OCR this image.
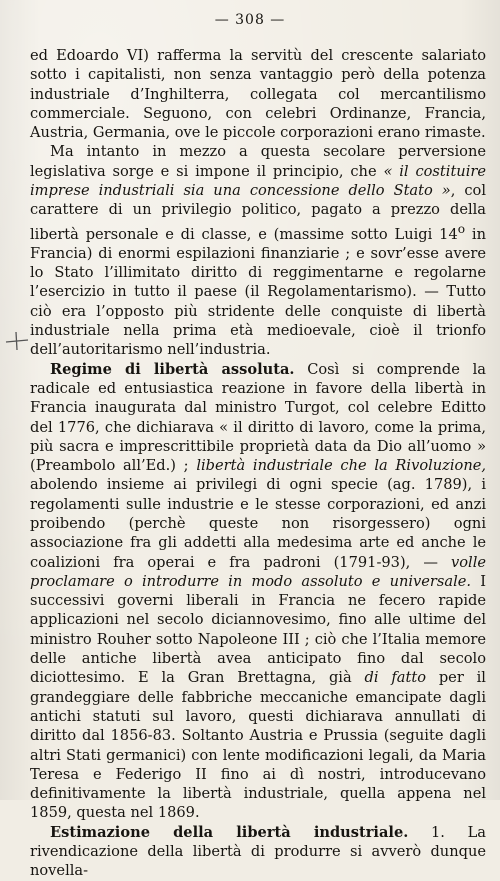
— 308 —

ed Edoardo VI) rafferma la servitù del crescente salariato sotto i capitalisti, non senza vantaggio però della potenza industriale d’Inghilterra, collegata col mercantilismo commerciale. Seguono, con celebri Ordinanze, Francia, Austria, Germania, ove le piccole corporazioni erano rimaste.

Ma intanto in mezzo a questa secolare perversione legislativa sorge e si impone il principio, che « il costituire imprese industriali sia una concessione dello Stato », col carattere di un privilegio politico, pagato a prezzo della libertà personale e di classe, e (massime sotto Luigi 14$^o$ in Francia) di enormi espilazioni finanziarie ; e sovr’esse avere lo Stato l’illimitato diritto di reggimentarne e regolarne l’esercizio in tutto il paese (il Regolamentarismo). — Tutto ciò era l’opposto più stridente delle conquiste di libertà industriale nella prima età medioevale, cioè il trionfo dell’autoritarismo nell’industria.

Regime di libertà assoluta. Così si comprende la radicale ed entusiastica reazione in favore della libertà in Francia inaugurata dal ministro Turgot, col celebre Editto del 1776, che dichiarava « il diritto di lavoro, come la prima, più sacra e imprescrittibile proprietà data da Dio all’uomo » (Preambolo all’Ed.) ; libertà industriale che la Rivoluzione, abolendo insieme ai privilegi di ogni specie (ag. 1789), i regolamenti sulle industrie e le stesse corporazioni, ed anzi proibendo (perchè queste non risorgessero) ogni associazione fra gli addetti alla medesima arte ed anche le coalizioni fra operai e fra padroni (1791-93), — volle proclamare o introdurre in modo assoluto e universale. I successivi governi liberali in Francia ne fecero rapide applicazioni nel secolo diciannovesimo, fino alle ultime del ministro Rouher sotto Napoleone III ; ciò che l’Italia memore delle antiche libertà avea anticipato fino dal secolo diciottesimo. E la Gran Brettagna, già di fatto per il grandeggiare delle fabbriche meccaniche emancipate dagli antichi statuti sul lavoro, questi dichiarava annullati di diritto dal 1856-83. Soltanto Austria e Prussia (seguite dagli altri Stati germanici) con lente modificazioni legali, da Maria Teresa e Federigo II fino ai dì nostri, introducevano definitivamente la libertà industriale, quella appena nel 1859, questa nel 1869.

Estimazione della libertà industriale. 1. La rivendicazione della libertà di produrre si avverò dunque novella-
